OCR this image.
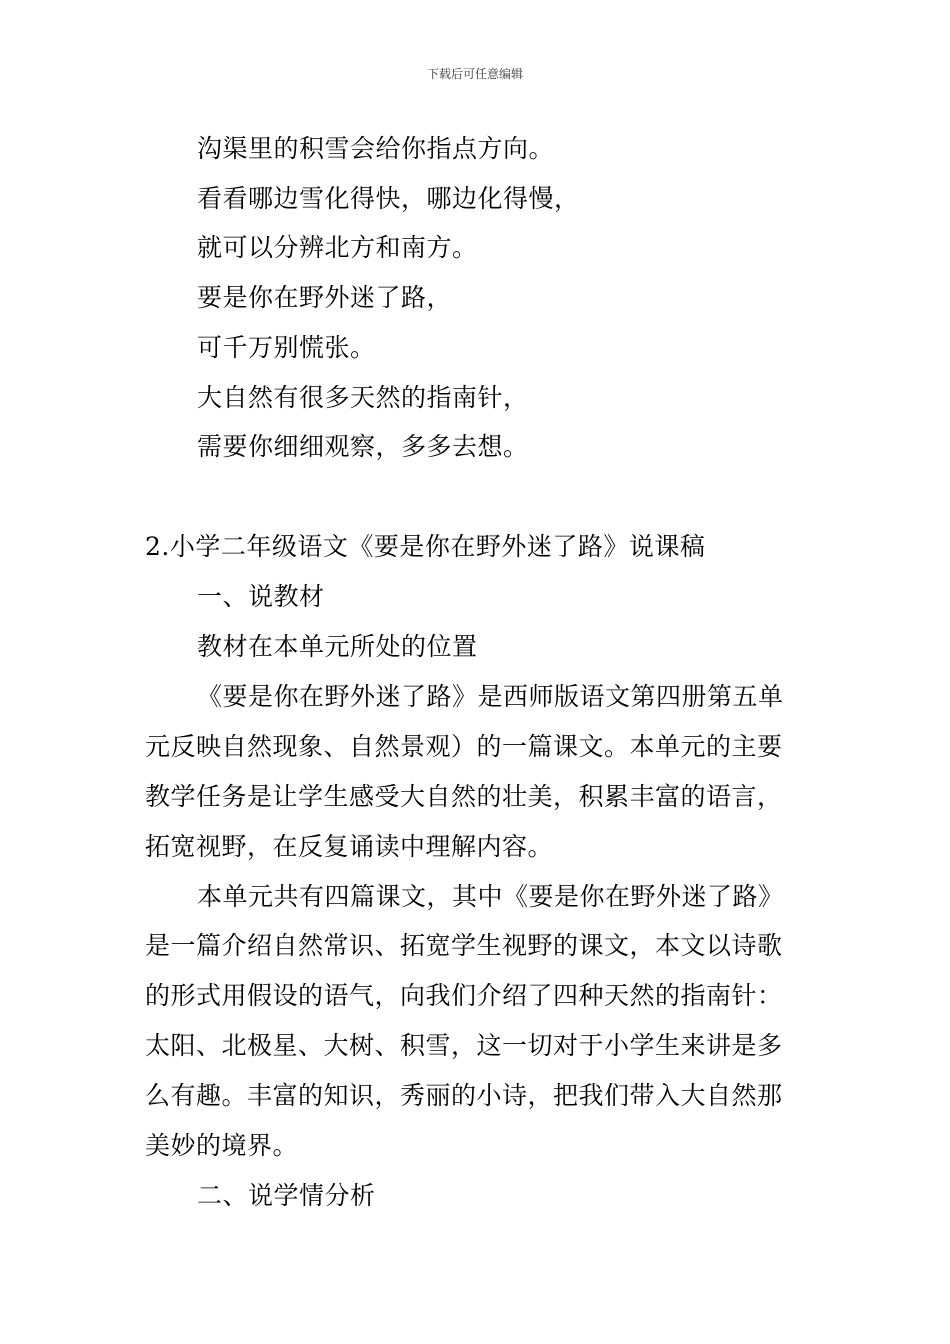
下载后可任意编辑
沟渠里的积雪会给你指点方向。
看看哪边雪化得快，哪边化得慢，
就可以分辨北方和南方。
要是你在野外迷了路，
可千万别慌张。
大自然有很多天然的指南针，
需要你细细观察，多多去想。
2.小学二年级语文《要是你在野外迷了路》说课稿
一、说教材
教材在本单元所处的位置
《要是你在野外迷了路》是西师版语文第四册第五单
元反映自然现象、自然景观）的一篇课文。本单元的主要
教学任务是让学生感受大自然的壮美，积累丰富的语言，
拓宽视野，在反复诵读中理解内容。
本单元共有四篇课文，其中《要是你在野外迷了路》
是一篇介绍自然常识、拓宽学生视野的课文，本文以诗歌
的形式用假设的语气，向我们介绍了四种天然的指南针：
太阳、北极星、大树、积雪，这一切对于小学生来讲是多
么有趣。丰富的知识，秀丽的小诗，把我们带入大自然那
美妙的境界。
二、说学情分析
